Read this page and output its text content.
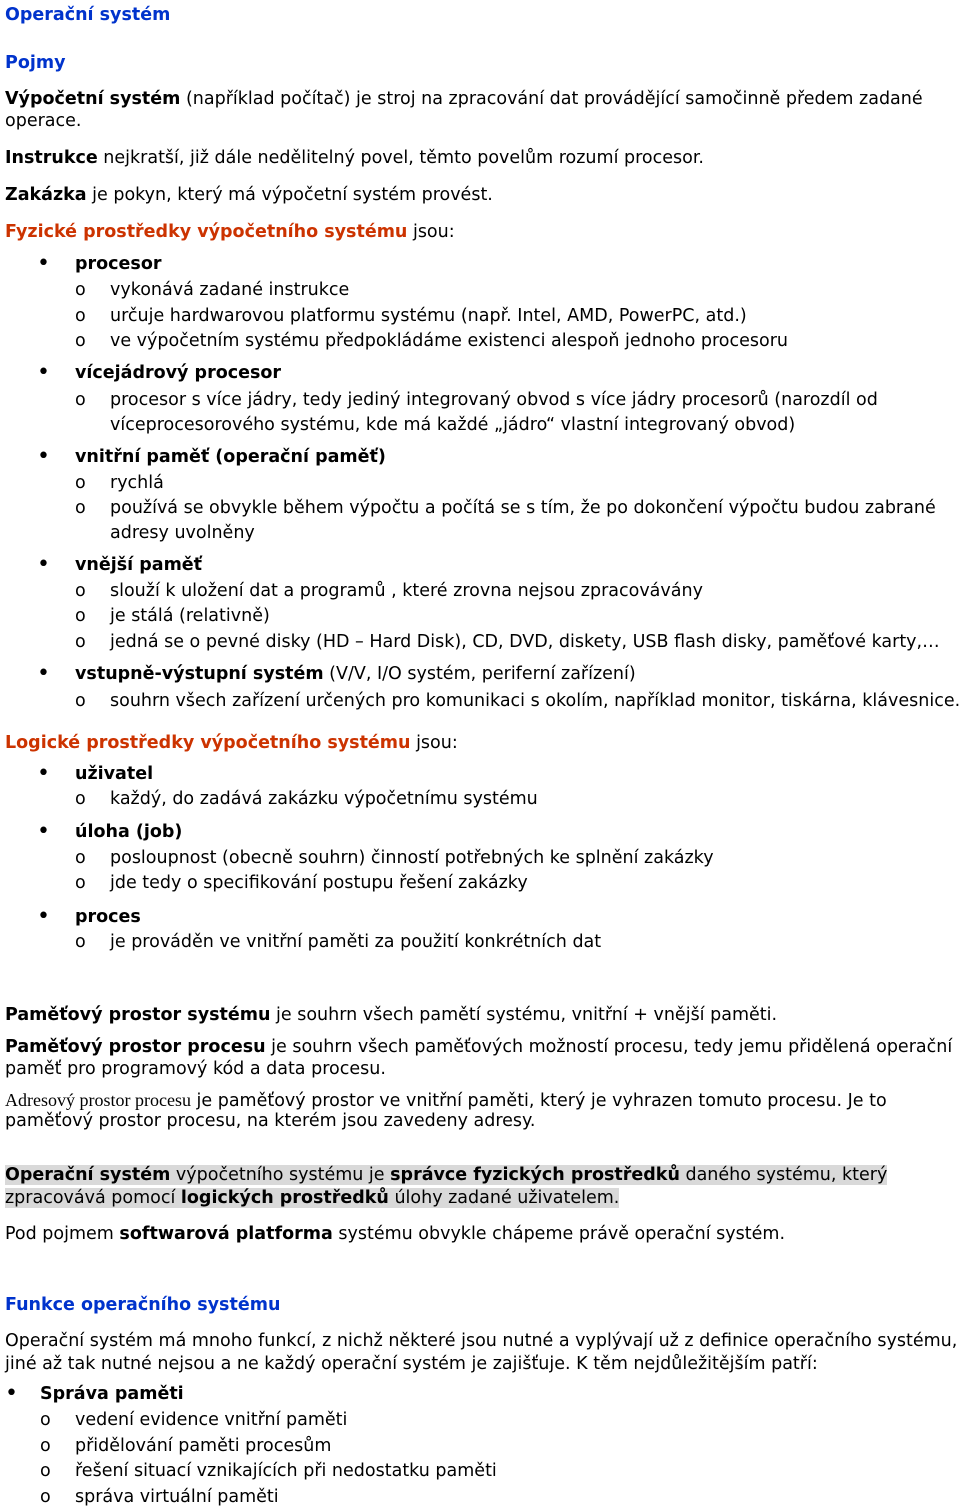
Operační systém
Pojmy
Výpočetní systém (například počítač) je stroj na zpracování dat provádějící samočinně předem zadané
operace.
Instrukce nejkratší, již dále nedělitelný povel, těmto povelům rozumí procesor.
Zakázka je pokyn, který má výpočetní systém provést.
Fyzické prostředky výpočetního systému jsou:
• procesor
o vykonává zadané instrukce
o určuje hardwarovou platformu systému (např. Intel, AMD, PowerPC, atd.)
o ve výpočetním systému předpokládáme existenci alespoň jednoho procesoru
• vícejádrový procesor
o procesor s více jádry, tedy jediný integrovaný obvod s více jádry procesorů (narozdíl od
víceprocesorového systému, kde má každé „jádro“ vlastní integrovaný obvod)
• vnitřní paměť (operační paměť)
o rychlá
o používá se obvykle během výpočtu a počítá se s tím, že po dokončení výpočtu budou zabrané
adresy uvolněny
• vnější paměť
o slouží k uložení dat a programů , které zrovna nejsou zpracovávány
o je stálá (relativně)
o jedná se o pevné disky (HD – Hard Disk), CD, DVD, diskety, USB flash disky, paměťové karty,…
• vstupně-výstupní systém (V/V, I/O systém, periferní zařízení)
o souhrn všech zařízení určených pro komunikaci s okolím, například monitor, tiskárna, klávesnice.
Logické prostředky výpočetního systému jsou:
• uživatel
o každý, do zadává zakázku výpočetnímu systému
• úloha (job)
o posloupnost (obecně souhrn) činností potřebných ke splnění zakázky
o jde tedy o specifikování postupu řešení zakázky
• proces
o je prováděn ve vnitřní paměti za použití konkrétních dat
Paměťový prostor systému je souhrn všech pamětí systému, vnitřní + vnější paměti.
Paměťový prostor procesu je souhrn všech paměťových možností procesu, tedy jemu přidělená operační
paměť pro programový kód a data procesu.
Adresový prostor procesu je paměťový prostor ve vnitřní paměti, který je vyhrazen tomuto procesu. Je to
paměťový prostor procesu, na kterém jsou zavedeny adresy.
Operační systém výpočetního systému je správce fyzických prostředků daného systému, který
zpracovává pomocí logických prostředků úlohy zadané uživatelem.
Pod pojmem softwarová platforma systému obvykle chápeme právě operační systém.
Funkce operačního systému
Operační systém má mnoho funkcí, z nichž některé jsou nutné a vyplývají už z definice operačního systému,
jiné až tak nutné nejsou a ne každý operační systém je zajišťuje. K těm nejdůležitějším patří:
• Správa paměti
o vedení evidence vnitřní paměti
o přidělování paměti procesům
o řešení situací vznikajících při nedostatku paměti
o správa virtuální paměti
